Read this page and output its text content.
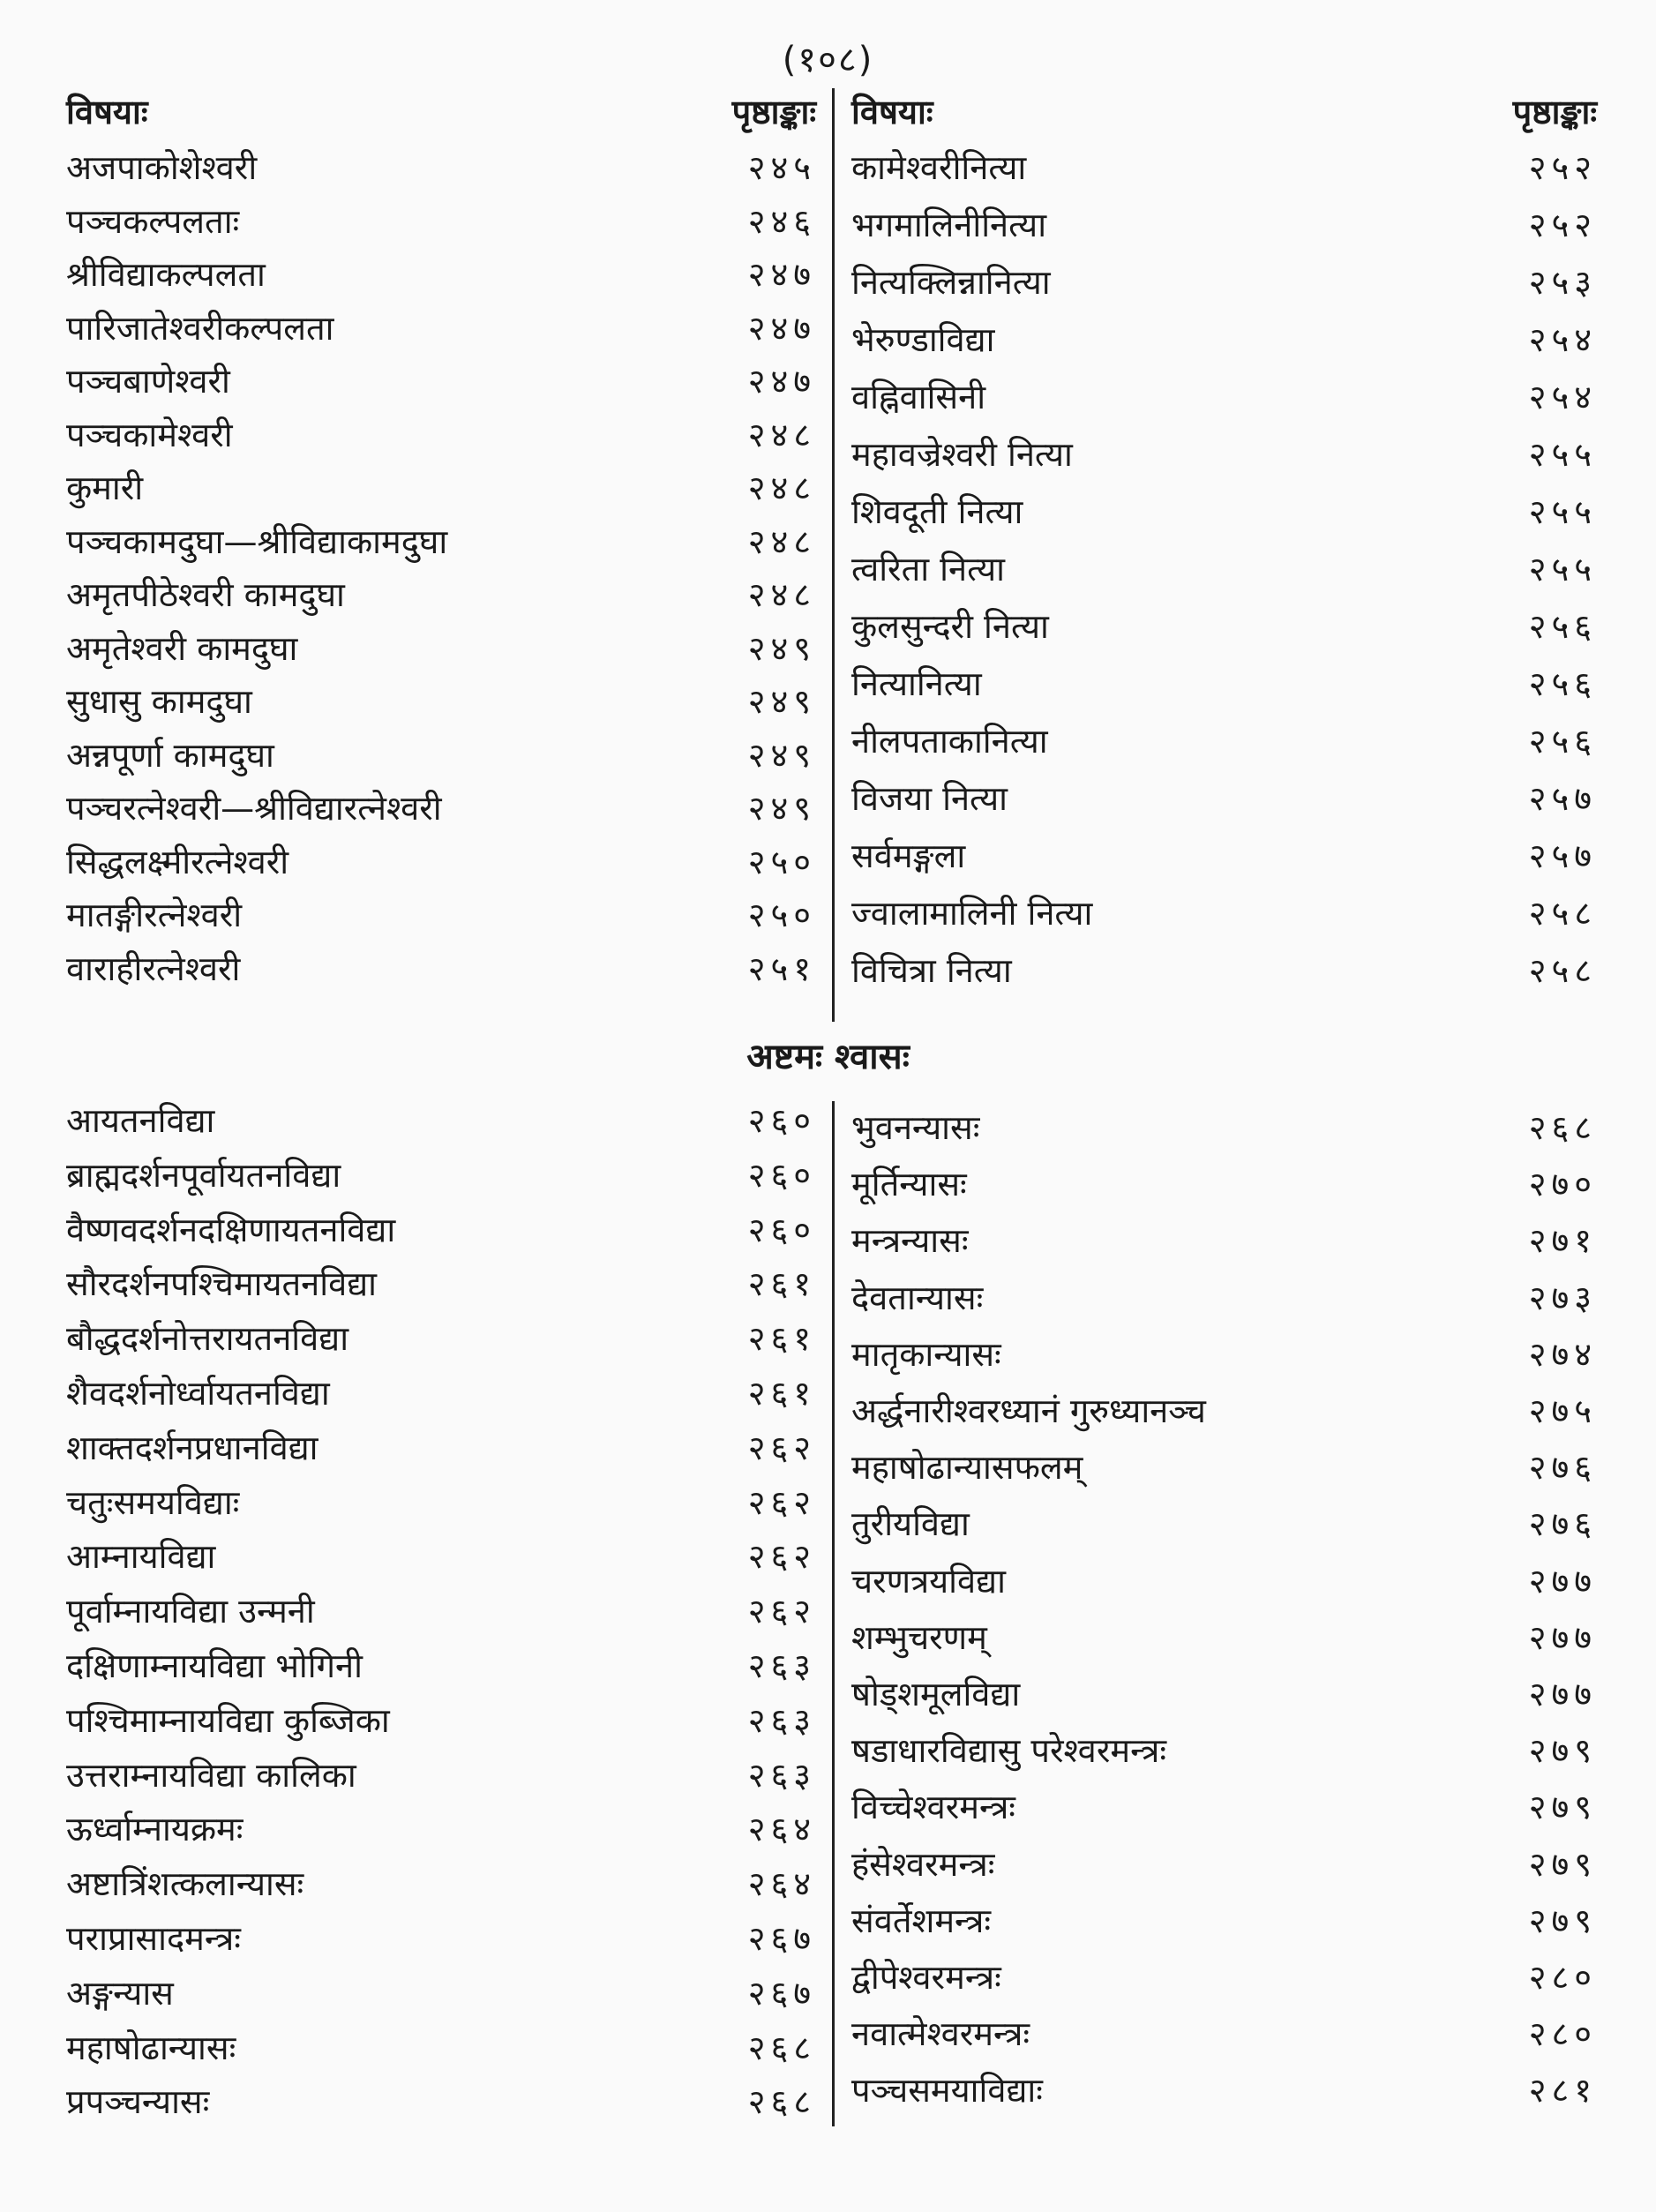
(१०८)
विषयाः	पृष्ठाङ्काः
अजपाकोशेश्वरी	२४५
पञ्चकल्पलताः	२४६
श्रीविद्याकल्पलता	२४७
पारिजातेश्वरीकल्पलता	२४७
पञ्चबाणेश्वरी	२४७
पञ्चकामेश्वरी	२४८
कुमारी	२४८
पञ्चकामदुघा—श्रीविद्याकामदुघा	२४८
अमृतपीठेश्वरी कामदुघा	२४८
अमृतेश्वरी कामदुघा	२४९
सुधासु कामदुघा	२४९
अन्नपूर्णा कामदुघा	२४९
पञ्चरत्नेश्वरी—श्रीविद्यारत्नेश्वरी	२४९
सिद्धलक्ष्मीरत्नेश्वरी	२५०
मातङ्गीरत्नेश्वरी	२५०
वाराहीरत्नेश्वरी	२५१
विषयाः	पृष्ठाङ्काः
कामेश्वरीनित्या	२५२
भगमालिनीनित्या	२५२
नित्यक्लिन्नानित्या	२५३
भेरुण्डाविद्या	२५४
वह्निवासिनी	२५४
महावज्रेश्वरी नित्या	२५५
शिवदूती नित्या	२५५
त्वरिता नित्या	२५५
कुलसुन्दरी नित्या	२५६
नित्यानित्या	२५६
नीलपताकानित्या	२५६
विजया नित्या	२५७
सर्वमङ्गला	२५७
ज्वालामालिनी नित्या	२५८
विचित्रा नित्या	२५८
अष्टमः श्वासः
आयतनविद्या	२६०
ब्राह्मदर्शनपूर्वायतनविद्या	२६०
वैष्णवदर्शनदक्षिणायतनविद्या	२६०
सौरदर्शनपश्चिमायतनविद्या	२६१
बौद्धदर्शनोत्तरायतनविद्या	२६१
शैवदर्शनोर्ध्वायतनविद्या	२६१
शाक्तदर्शनप्रधानविद्या	२६२
चतुःसमयविद्याः	२६२
आम्नायविद्या	२६२
पूर्वाम्नायविद्या उन्मनी	२६२
दक्षिणाम्नायविद्या भोगिनी	२६३
पश्चिमाम्नायविद्या कुब्जिका	२६३
उत्तराम्नायविद्या कालिका	२६३
ऊर्ध्वाम्नायक्रमः	२६४
अष्टात्रिंशत्कलान्यासः	२६४
पराप्रासादमन्त्रः	२६७
अङ्गन्यास	२६७
महाषोढान्यासः	२६८
प्रपञ्चन्यासः	२६८
भुवनन्यासः	२६८
मूर्तिन्यासः	२७०
मन्त्रन्यासः	२७१
देवतान्यासः	२७३
मातृकान्यासः	२७४
अर्द्धनारीश्वरध्यानं गुरुध्यानञ्च	२७५
महाषोढान्यासफलम्	२७६
तुरीयविद्या	२७६
चरणत्रयविद्या	२७७
शम्भुचरणम्	२७७
षोड्शमूलविद्या	२७७
षडाधारविद्यासु परेश्वरमन्त्रः	२७९
विच्चेश्वरमन्त्रः	२७९
हंसेश्वरमन्त्रः	२७९
संवर्तेशमन्त्रः	२७९
द्वीपेश्वरमन्त्रः	२८०
नवात्मेश्वरमन्त्रः	२८०
पञ्चसमयाविद्याः	२८१
